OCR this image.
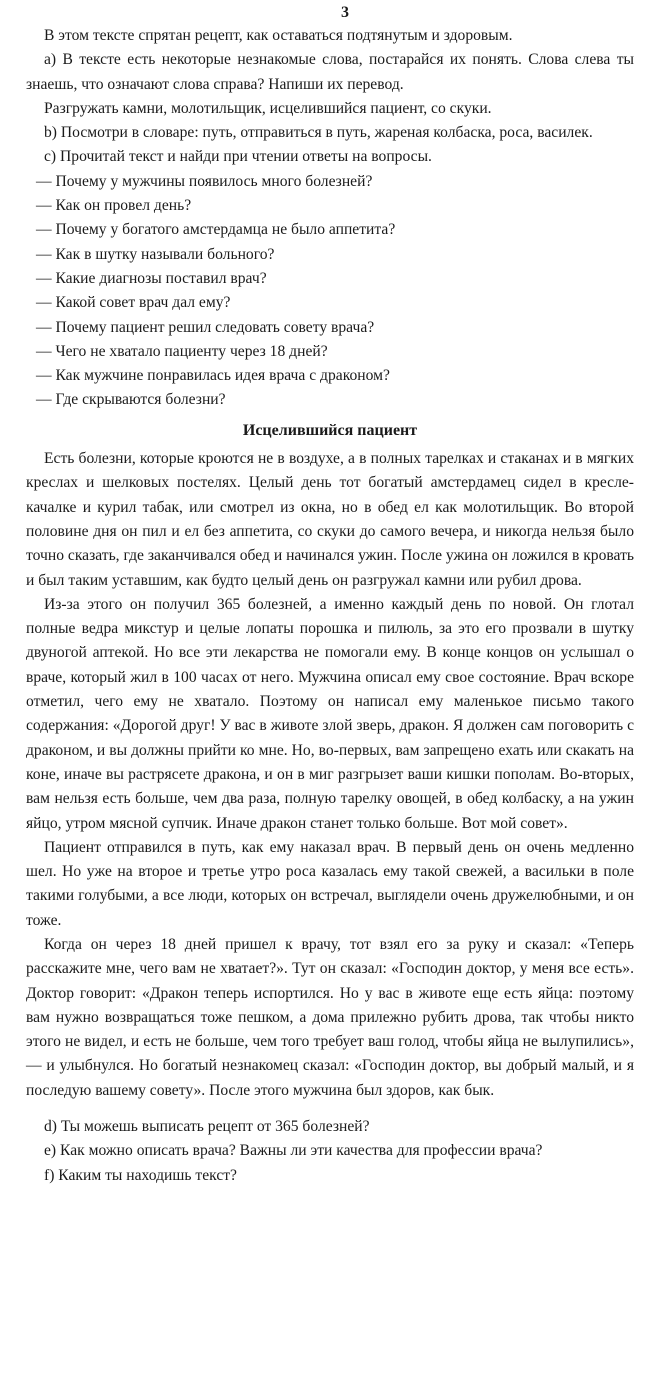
3

В этом тексте спрятан рецепт, как оставаться подтянутым и здоровым.

a) В тексте есть некоторые незнакомые слова, постарайся их понять. Слова слева ты знаешь, что означают слова справа? Напиши их перевод.

Разгружать камни, молотильщик, исцелившийся пациент, со скуки.

b) Посмотри в словаре: путь, отправиться в путь, жареная колбаска, роса, василек.

c) Прочитай текст и найди при чтении ответы на вопросы.

— Почему у мужчины появилось много болезней?

— Как он провел день?

— Почему у богатого амстердамца не было аппетита?

— Как в шутку называли больного?

— Какие диагнозы поставил врач?

— Какой совет врач дал ему?

— Почему пациент решил следовать совету врача?

— Чего не хватало пациенту через 18 дней?

— Как мужчине понравилась идея врача с драконом?

— Где скрываются болезни?

Исцелившийся пациент

Есть болезни, которые кроются не в воздухе, а в полных тарелках и стаканах и в мягких креслах и шелковых постелях. Целый день тот богатый амстердамец сидел в кресле-качалке и курил табак, или смотрел из окна, но в обед ел как молотильщик. Во второй половине дня он пил и ел без аппетита, со скуки до самого вечера, и никогда нельзя было точно сказать, где заканчивался обед и начинался ужин. После ужина он ложился в кровать и был таким уставшим, как будто целый день он разгружал камни или рубил дрова.

Из-за этого он получил 365 болезней, а именно каждый день по новой. Он глотал полные ведра микстур и целые лопаты порошка и пилюль, за это его прозвали в шутку двуногой аптекой. Но все эти лекарства не помогали ему. В конце концов он услышал о враче, который жил в 100 часах от него. Мужчина описал ему свое состояние. Врач вскоре отметил, чего ему не хватало. Поэтому он написал ему маленькое письмо такого содержания: «Дорогой друг! У вас в животе злой зверь, дракон. Я должен сам поговорить с драконом, и вы должны прийти ко мне. Но, во-первых, вам запрещено ехать или скакать на коне, иначе вы растрясете дракона, и он в миг разгрызет ваши кишки пополам. Во-вторых, вам нельзя есть больше, чем два раза, полную тарелку овощей, в обед колбаску, а на ужин яйцо, утром мясной супчик. Иначе дракон станет только больше. Вот мой совет».

Пациент отправился в путь, как ему наказал врач. В первый день он очень медленно шел. Но уже на второе и третье утро роса казалась ему такой свежей, а васильки в поле такими голубыми, а все люди, которых он встречал, выглядели очень дружелюбными, и он тоже.

Когда он через 18 дней пришел к врачу, тот взял его за руку и сказал: «Теперь расскажите мне, чего вам не хватает?». Тут он сказал: «Господин доктор, у меня все есть». Доктор говорит: «Дракон теперь испортился. Но у вас в животе еще есть яйца: поэтому вам нужно возвращаться тоже пешком, а дома прилежно рубить дрова, так чтобы никто этого не видел, и есть не больше, чем того требует ваш голод, чтобы яйца не вылупились», — и улыбнулся. Но богатый незнакомец сказал: «Господин доктор, вы добрый малый, и я последую вашему совету». После этого мужчина был здоров, как бык.

d) Ты можешь выписать рецепт от 365 болезней?

e) Как можно описать врача? Важны ли эти качества для профессии врача?

f) Каким ты находишь текст?
